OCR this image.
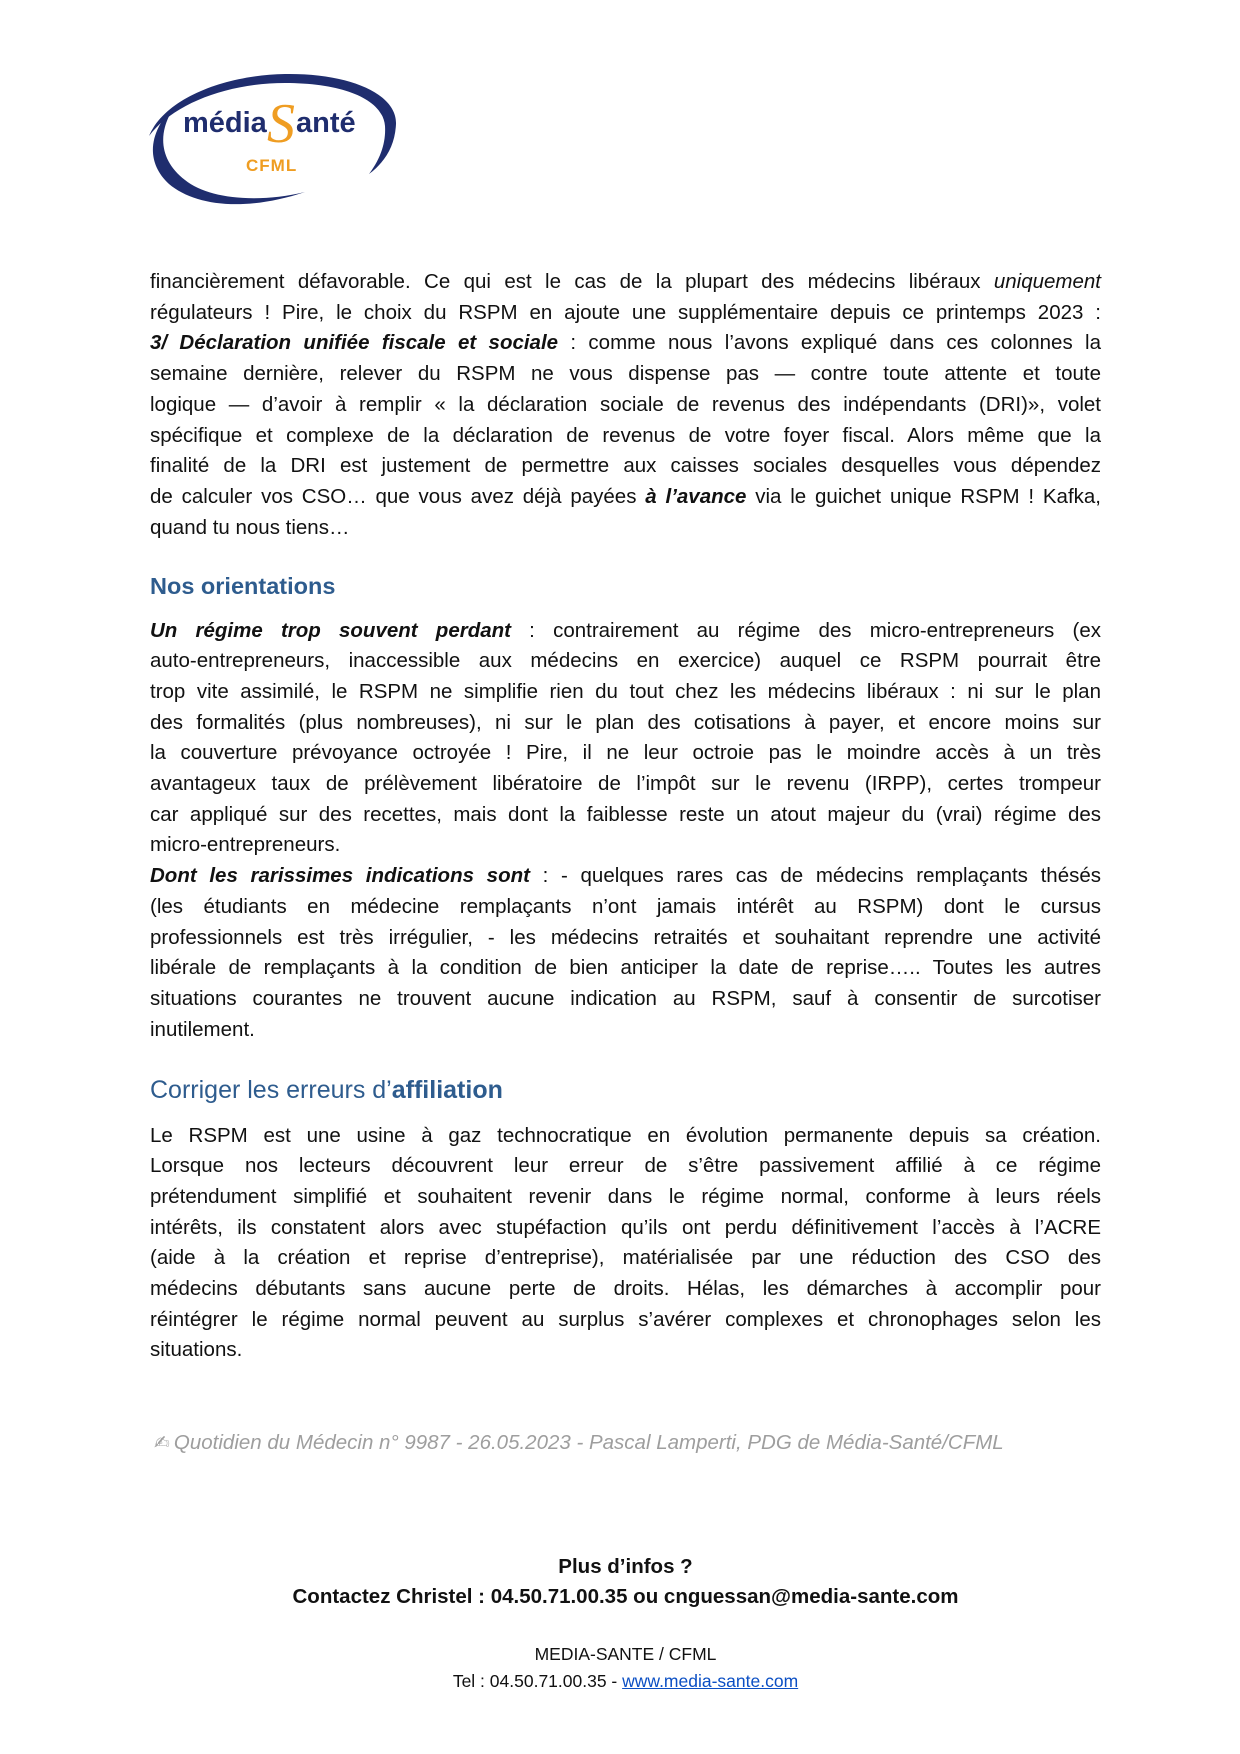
média S anté
CFML
financièrement défavorable. Ce qui est le cas de la plupart des médecins libéraux uniquement
régulateurs ! Pire, le choix du RSPM en ajoute une supplémentaire depuis ce printemps 2023 :
3/ Déclaration unifiée fiscale et sociale : comme nous l’avons expliqué dans ces colonnes la
semaine dernière, relever du RSPM ne vous dispense pas — contre toute attente et toute
logique — d’avoir à remplir « la déclaration sociale de revenus des indépendants (DRI)», volet
spécifique et complexe de la déclaration de revenus de votre foyer fiscal. Alors même que la
finalité de la DRI est justement de permettre aux caisses sociales desquelles vous dépendez
de calculer vos CSO… que vous avez déjà payées à l’avance via le guichet unique RSPM ! Kafka,
quand tu nous tiens…
Nos orientations
Un régime trop souvent perdant : contrairement au régime des micro-entrepreneurs (ex
auto-entrepreneurs, inaccessible aux médecins en exercice) auquel ce RSPM pourrait être
trop vite assimilé, le RSPM ne simplifie rien du tout chez les médecins libéraux : ni sur le plan
des formalités (plus nombreuses), ni sur le plan des cotisations à payer, et encore moins sur
la couverture prévoyance octroyée ! Pire, il ne leur octroie pas le moindre accès à un très
avantageux taux de prélèvement libératoire de l’impôt sur le revenu (IRPP), certes trompeur
car appliqué sur des recettes, mais dont la faiblesse reste un atout majeur du (vrai) régime des
micro-entrepreneurs.
Dont les rarissimes indications sont : - quelques rares cas de médecins remplaçants thésés
(les étudiants en médecine remplaçants n’ont jamais intérêt au RSPM) dont le cursus
professionnels est très irrégulier, - les médecins retraités et souhaitant reprendre une activité
libérale de remplaçants à la condition de bien anticiper la date de reprise….. Toutes les autres
situations courantes ne trouvent aucune indication au RSPM, sauf à consentir de surcotiser
inutilement.
Corriger les erreurs d’affiliation
Le RSPM est une usine à gaz technocratique en évolution permanente depuis sa création.
Lorsque nos lecteurs découvrent leur erreur de s’être passivement affilié à ce régime
prétendument simplifié et souhaitent revenir dans le régime normal, conforme à leurs réels
intérêts, ils constatent alors avec stupéfaction qu’ils ont perdu définitivement l’accès à l’ACRE
(aide à la création et reprise d’entreprise), matérialisée par une réduction des CSO des
médecins débutants sans aucune perte de droits. Hélas, les démarches à accomplir pour
réintégrer le régime normal peuvent au surplus s’avérer complexes et chronophages selon les
situations.
✍ Quotidien du Médecin n° 9987 - 26.05.2023 - Pascal Lamperti, PDG de Média-Santé/CFML
Plus d’infos ?
Contactez Christel : 04.50.71.00.35 ou cnguessan@media-sante.com
MEDIA-SANTE / CFML
Tel : 04.50.71.00.35 - www.media-sante.com
